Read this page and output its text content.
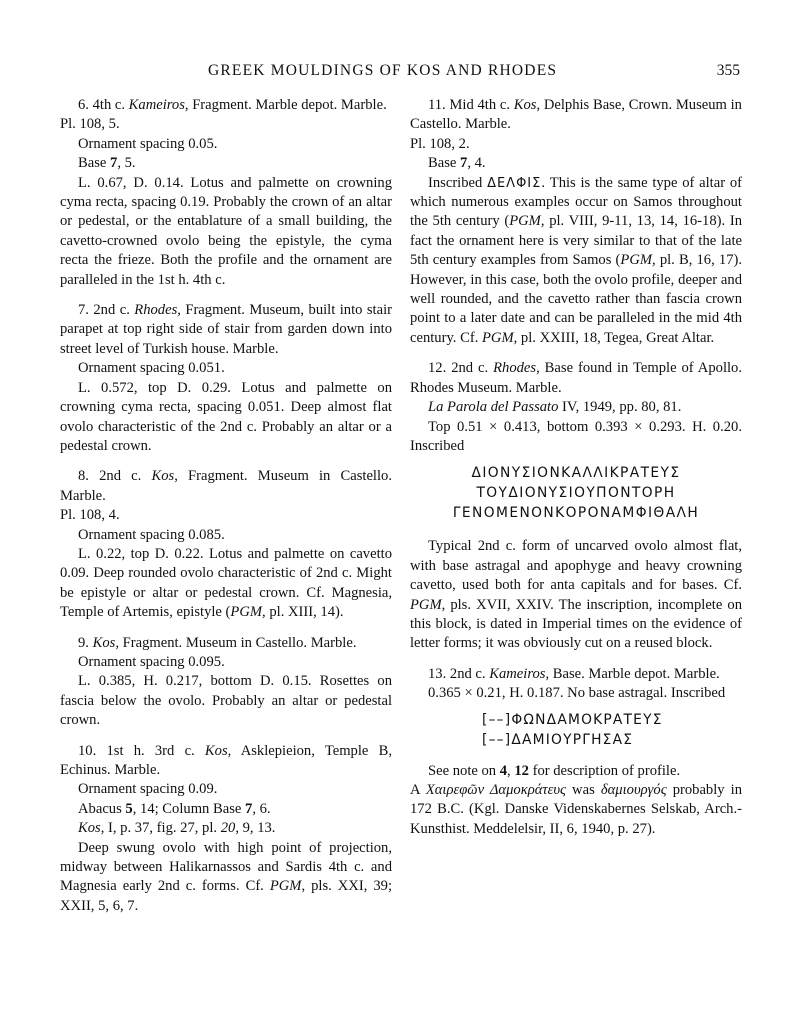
GREEK MOULDINGS OF KOS AND RHODES	355

6. 4th c. Kameiros, Fragment. Marble depot. Marble.

Pl. 108, 5.

Ornament spacing 0.05.

Base 7, 5.

L. 0.67, D. 0.14. Lotus and palmette on crowning cyma recta, spacing 0.19. Probably the crown of an altar or pedestal, or the entablature of a small building, the cavetto-crowned ovolo being the epistyle, the cyma recta the frieze. Both the profile and the ornament are paralleled in the 1st h. 4th c.

7. 2nd c. Rhodes, Fragment. Museum, built into stair parapet at top right side of stair from garden down into street level of Turkish house. Marble.

Ornament spacing 0.051.

L. 0.572, top D. 0.29. Lotus and palmette on crowning cyma recta, spacing 0.051. Deep almost flat ovolo characteristic of the 2nd c. Probably an altar or a pedestal crown.

8. 2nd c. Kos, Fragment. Museum in Castello. Marble.

Pl. 108, 4.

Ornament spacing 0.085.

L. 0.22, top D. 0.22. Lotus and palmette on cavetto 0.09. Deep rounded ovolo characteristic of 2nd c. Might be epistyle or altar or pedestal crown. Cf. Magnesia, Temple of Artemis, epistyle (PGM, pl. XIII, 14).

9. Kos, Fragment. Museum in Castello. Marble.

Ornament spacing 0.095.

L. 0.385, H. 0.217, bottom D. 0.15. Rosettes on fascia below the ovolo. Probably an altar or pedestal crown.

10. 1st h. 3rd c. Kos, Asklepieion, Temple B, Echinus. Marble.

Ornament spacing 0.09.

Abacus 5, 14; Column Base 7, 6.

Kos, I, p. 37, fig. 27, pl. 20, 9, 13.

Deep swung ovolo with high point of projection, midway between Halikarnassos and Sardis 4th c. and Magnesia early 2nd c. forms. Cf. PGM, pls. XXI, 39; XXII, 5, 6, 7.

11. Mid 4th c. Kos, Delphis Base, Crown. Museum in Castello. Marble.

Pl. 108, 2.

Base 7, 4.

Inscribed ΔΕΛΦΙΣ. This is the same type of altar of which numerous examples occur on Samos throughout the 5th century (PGM, pl. VIII, 9-11, 13, 14, 16-18). In fact the ornament here is very similar to that of the late 5th century examples from Samos (PGM, pl. B, 16, 17). However, in this case, both the ovolo profile, deeper and well rounded, and the cavetto rather than fascia crown point to a later date and can be paralleled in the mid 4th century. Cf. PGM, pl. XXIII, 18, Tegea, Great Altar.

12. 2nd c. Rhodes, Base found in Temple of Apollo. Rhodes Museum. Marble.

La Parola del Passato IV, 1949, pp. 80, 81.

Top 0.51 × 0.413, bottom 0.393 × 0.293. H. 0.20. Inscribed

ΔΙΟΝΥΣΙΟΝΚΑΛΛΙΚΡΑΤΕΥΣ
ΤΟΥΔΙΟΝΥΣΙΟΥΠΟΝΤΟΡΗ
ΓΕΝΟΜΕΝΟΝΚΟΡΟΝΑΜΦΙΘΑΛΗ

Typical 2nd c. form of uncarved ovolo almost flat, with base astragal and apophyge and heavy crowning cavetto, used both for anta capitals and for bases. Cf. PGM, pls. XVII, XXIV. The inscription, incomplete on this block, is dated in Imperial times on the evidence of letter forms; it was obviously cut on a reused block.

13. 2nd c. Kameiros, Base. Marble depot. Marble.

0.365 × 0.21, H. 0.187. No base astragal. Inscribed

[––]ΦΩΝΔΑΜΟΚΡΑΤΕΥΣ
[––]ΔΑΜΙΟΥΡΓΗΣΑΣ

See note on 4, 12 for description of profile.

A Χαιρεφῶν Δαμοκράτευς was δαμιουργός probably in 172 B.C. (Kgl. Danske Videnskabernes Selskab, Arch.-Kunsthist. Meddelelsir, II, 6, 1940, p. 27).
